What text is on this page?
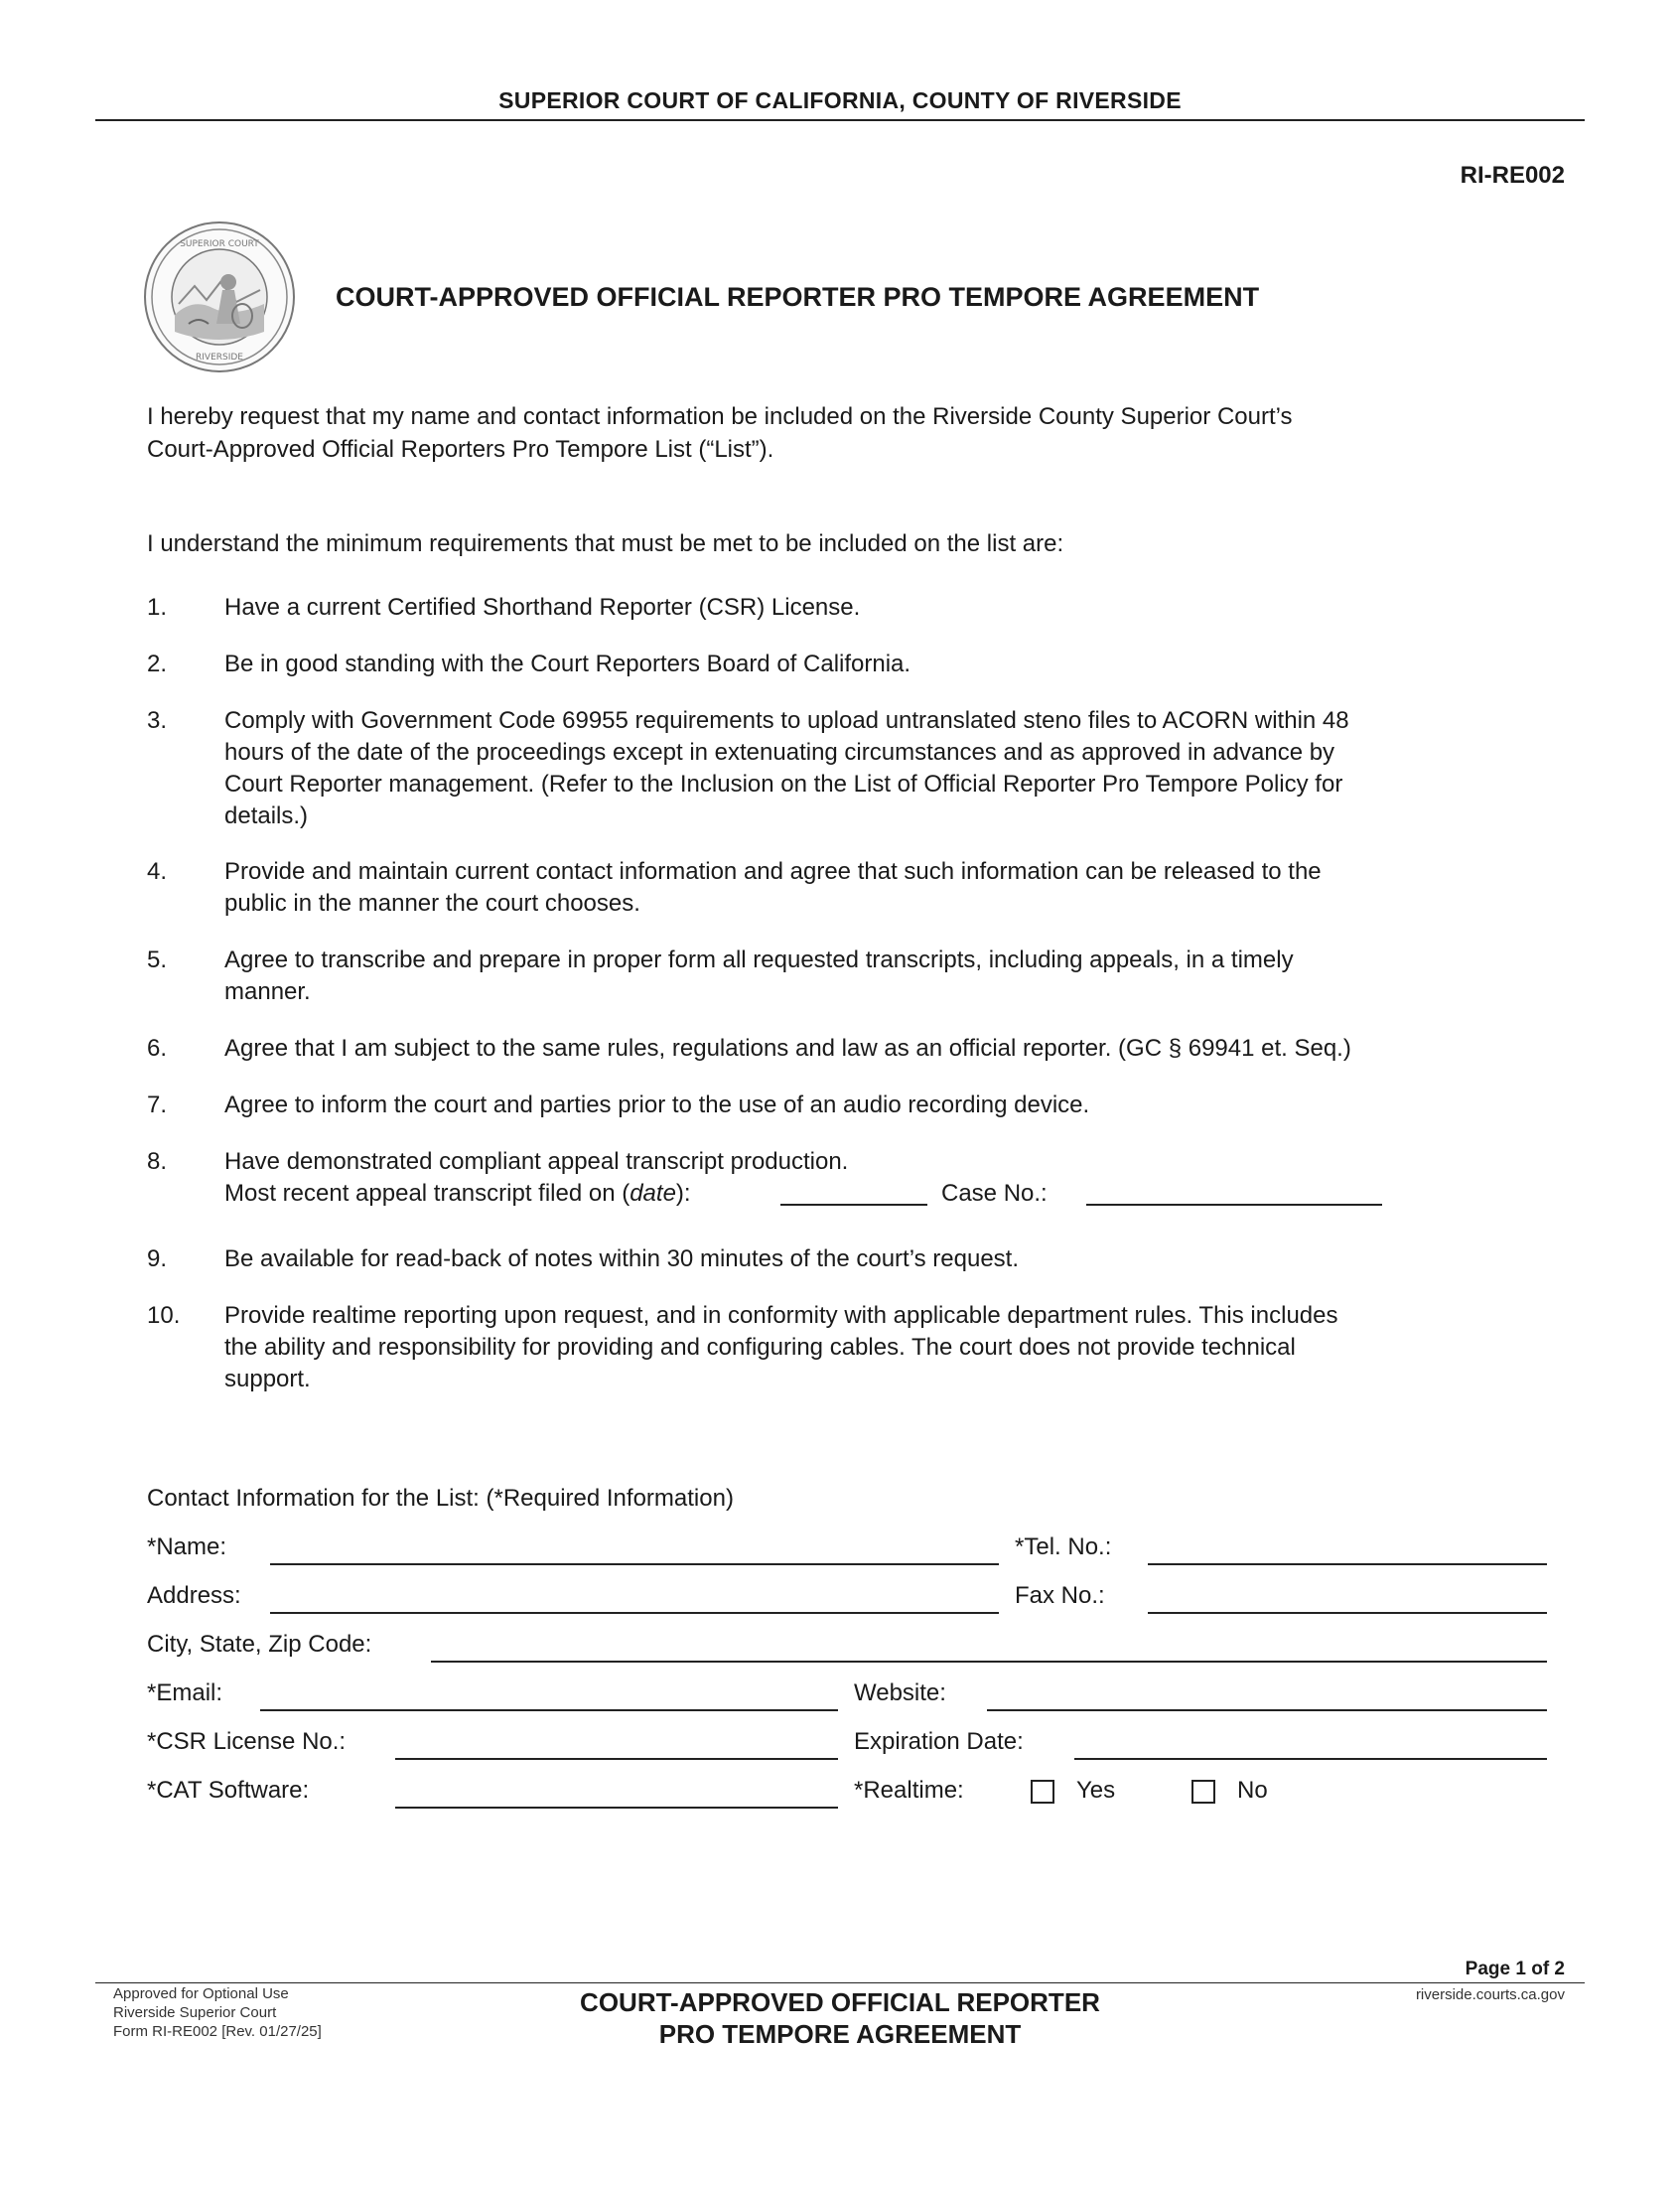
SUPERIOR COURT OF CALIFORNIA, COUNTY OF RIVERSIDE
RI-RE002
SUPERIOR COURT
RIVERSIDE
COURT-APPROVED OFFICIAL REPORTER PRO TEMPORE AGREEMENT
I hereby request that my name and contact information be included on the Riverside County Superior Court’s
Court-Approved Official Reporters Pro Tempore List (“List”).
I understand the minimum requirements that must be met to be included on the list are:
1. Have a current Certified Shorthand Reporter (CSR) License.
2. Be in good standing with the Court Reporters Board of California.
3. Comply with Government Code 69955 requirements to upload untranslated steno files to ACORN within 48
hours of the date of the proceedings except in extenuating circumstances and as approved in advance by
Court Reporter management. (Refer to the Inclusion on the List of Official Reporter Pro Tempore Policy for
details.)
4. Provide and maintain current contact information and agree that such information can be released to the
public in the manner the court chooses.
5. Agree to transcribe and prepare in proper form all requested transcripts, including appeals, in a timely
manner.
6. Agree that I am subject to the same rules, regulations and law as an official reporter. (GC § 69941 et. Seq.)
7. Agree to inform the court and parties prior to the use of an audio recording device.
8. Have demonstrated compliant appeal transcript production.
Most recent appeal transcript filed on (date):	Case No.:
9. Be available for read-back of notes within 30 minutes of the court’s request.
10. Provide realtime reporting upon request, and in conformity with applicable department rules. This includes
the ability and responsibility for providing and configuring cables. The court does not provide technical
support.
Contact Information for the List: (*Required Information)
*Name:	*Tel. No.:
Address:	Fax No.:
City, State, Zip Code:
*Email:	Website:
*CSR License No.:	Expiration Date:
*CAT Software:	*Realtime:	Yes	No
Page 1 of 2
Approved for Optional Use
Riverside Superior Court
Form RI-RE002 [Rev. 01/27/25]
COURT-APPROVED OFFICIAL REPORTER
PRO TEMPORE AGREEMENT
riverside.courts.ca.gov
